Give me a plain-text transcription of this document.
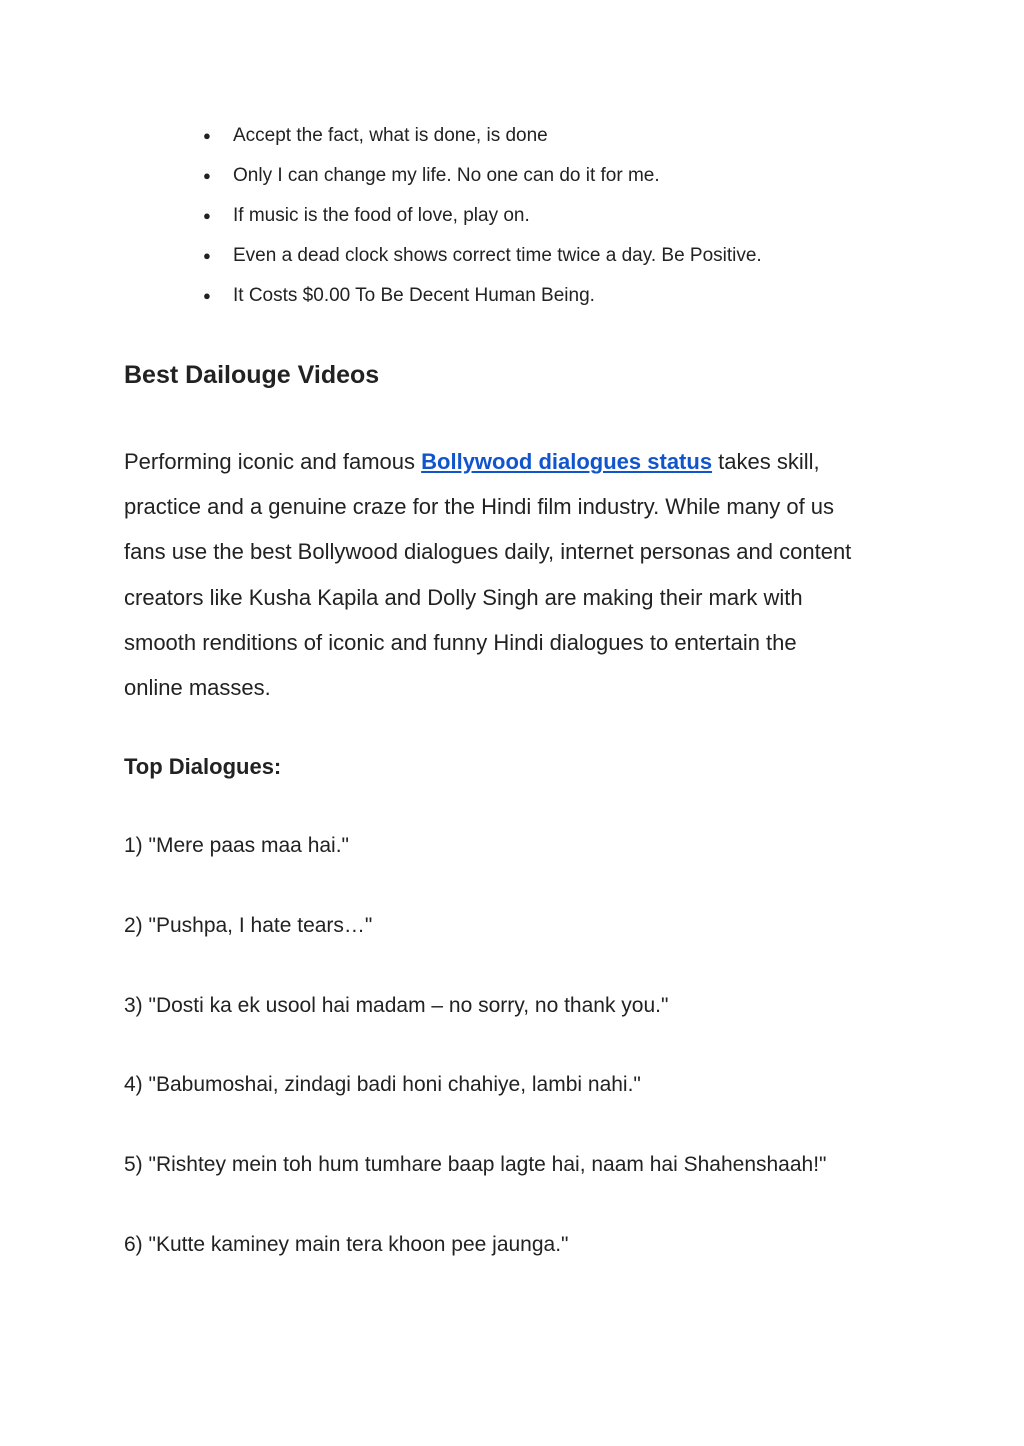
● Accept the fact, what is done, is done
● Only I can change my life. No one can do it for me.
● If music is the food of love, play on.
● Even a dead clock shows correct time twice a day. Be Positive.
● It Costs $0.00 To Be Decent Human Being.
Best Dailouge Videos

Performing iconic and famous Bollywood dialogues status takes skill,
practice and a genuine craze for the Hindi film industry. While many of us
fans use the best Bollywood dialogues daily, internet personas and content
creators like Kusha Kapila and Dolly Singh are making their mark with
smooth renditions of iconic and funny Hindi dialogues to entertain the
online masses.

Top Dialogues:
1) "Mere paas maa hai."
2) "Pushpa, I hate tears…"
3) "Dosti ka ek usool hai madam – no sorry, no thank you."
4) "Babumoshai, zindagi badi honi chahiye, lambi nahi."
5) "Rishtey mein toh hum tumhare baap lagte hai, naam hai Shahenshaah!"
6) "Kutte kaminey main tera khoon pee jaunga."
